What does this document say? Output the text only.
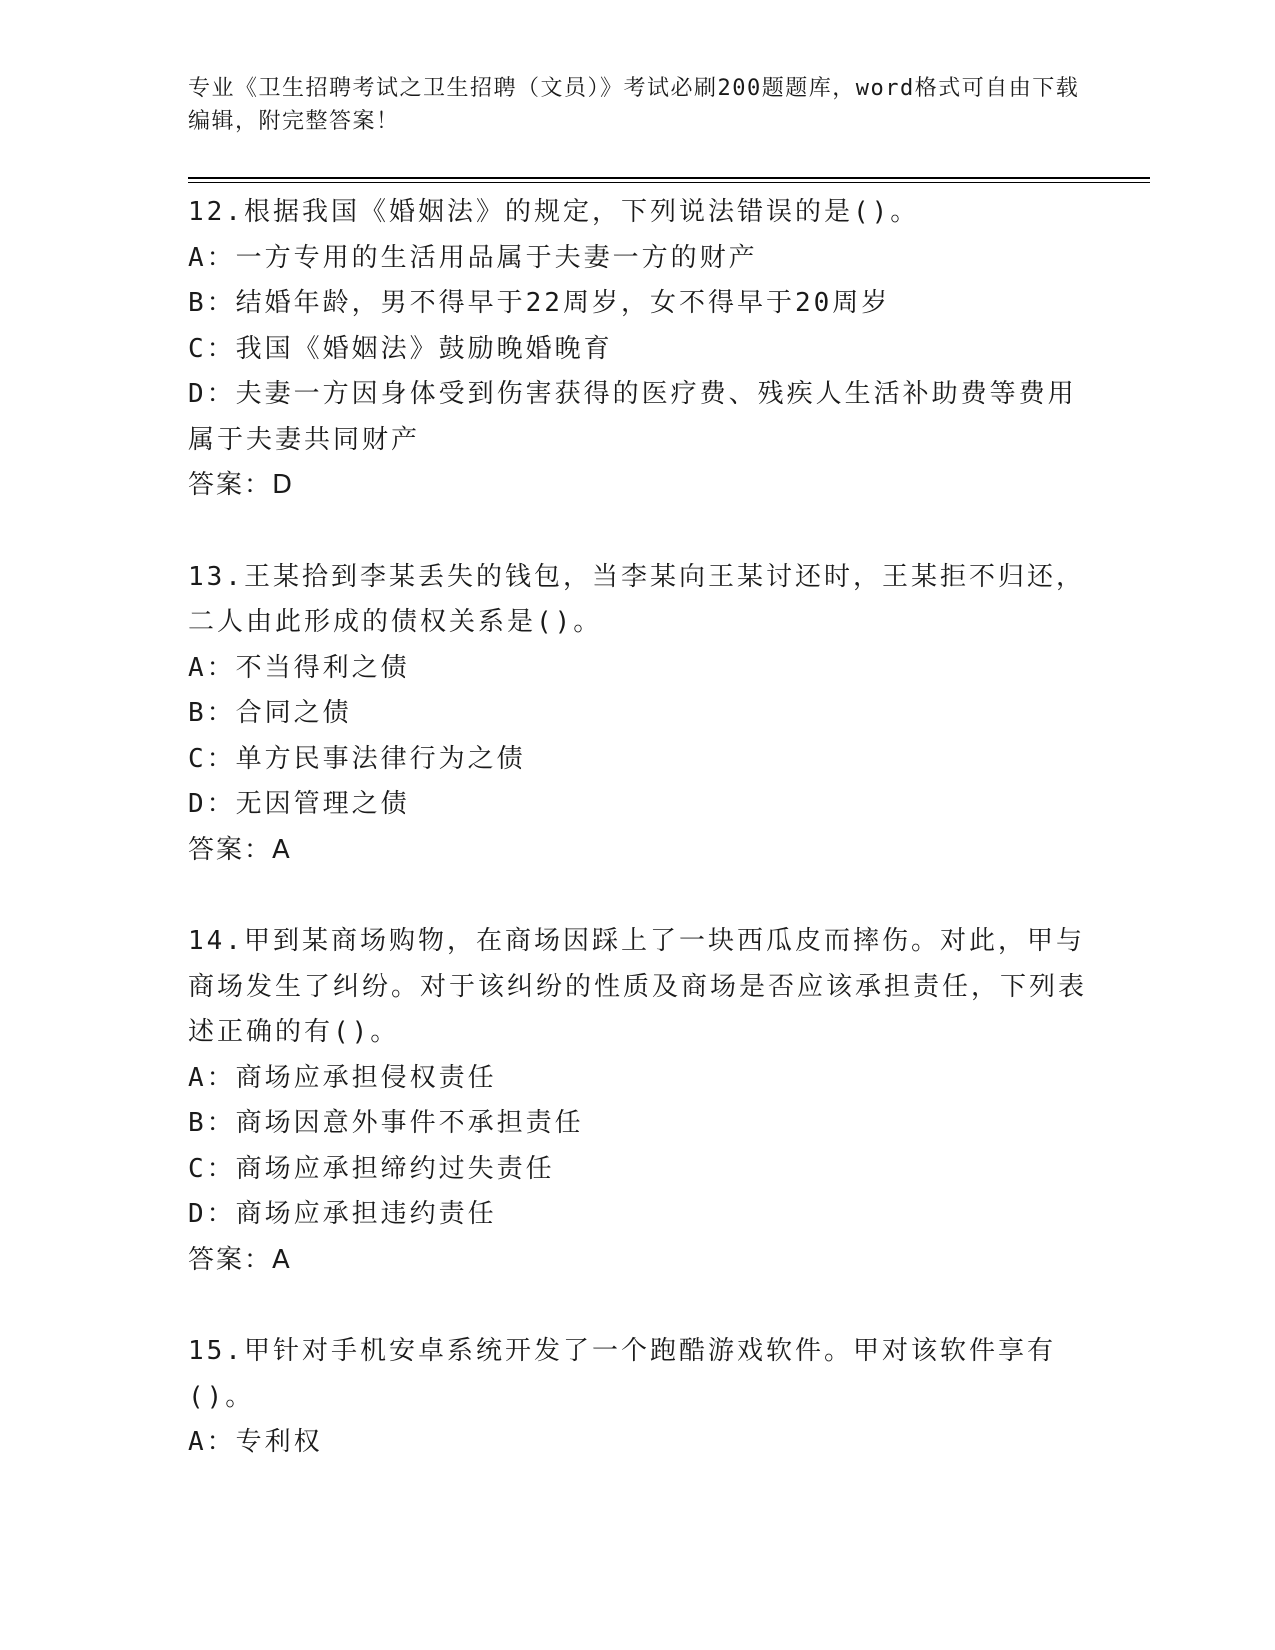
专业《卫生招聘考试之卫生招聘（文员）》考试必刷200题题库，word格式可自由下载编辑，附完整答案！

12.根据我国《婚姻法》的规定，下列说法错误的是()。

A：一方专用的生活用品属于夫妻一方的财产

B：结婚年龄，男不得早于22周岁，女不得早于20周岁

C：我国《婚姻法》鼓励晚婚晚育

D：夫妻一方因身体受到伤害获得的医疗费、残疾人生活补助费等费用属于夫妻共同财产

答案：D

13.王某拾到李某丢失的钱包，当李某向王某讨还时，王某拒不归还，二人由此形成的债权关系是()。

A：不当得利之债

B：合同之债

C：单方民事法律行为之债

D：无因管理之债

答案：A

14.甲到某商场购物，在商场因踩上了一块西瓜皮而摔伤。对此，甲与商场发生了纠纷。对于该纠纷的性质及商场是否应该承担责任，下列表述正确的有()。

A：商场应承担侵权责任

B：商场因意外事件不承担责任

C：商场应承担缔约过失责任

D：商场应承担违约责任

答案：A

15.甲针对手机安卓系统开发了一个跑酷游戏软件。甲对该软件享有()。

A：专利权
